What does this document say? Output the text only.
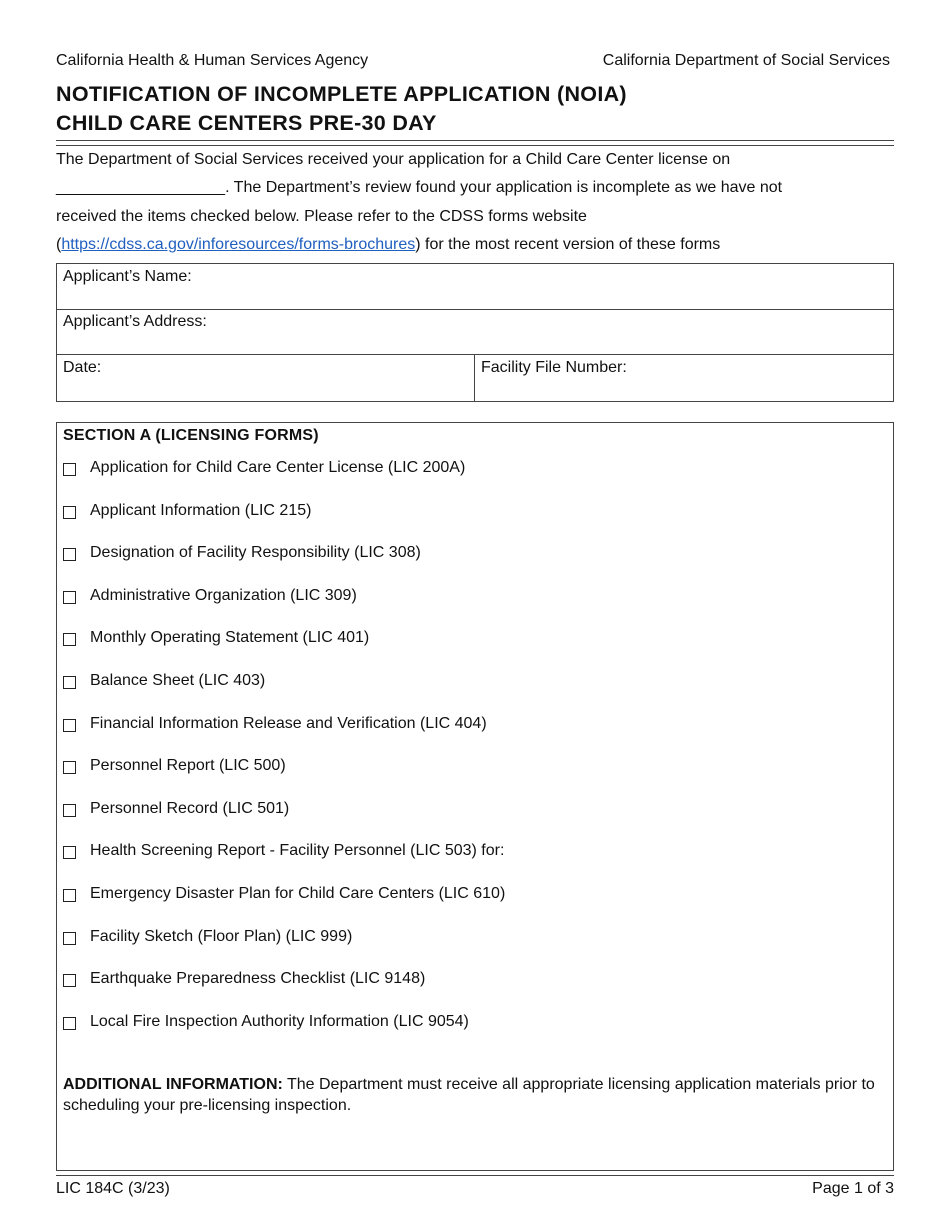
California Health & Human Services Agency	California Department of Social Services
NOTIFICATION OF INCOMPLETE APPLICATION (NOIA)
CHILD CARE CENTERS PRE-30 DAY
The Department of Social Services received your application for a Child Care Center license on
___________________. The Department’s review found your application is incomplete as we have not
received the items checked below. Please refer to the CDSS forms website
(https://cdss.ca.gov/inforesources/forms-brochures) for the most recent version of these forms
Applicant’s Name:
Applicant’s Address:
Date:	Facility File Number:
SECTION A (LICENSING FORMS)
Application for Child Care Center License (LIC 200A)
Applicant Information (LIC 215)
Designation of Facility Responsibility (LIC 308)
Administrative Organization (LIC 309)
Monthly Operating Statement (LIC 401)
Balance Sheet (LIC 403)
Financial Information Release and Verification (LIC 404)
Personnel Report (LIC 500)
Personnel Record (LIC 501)
Health Screening Report - Facility Personnel (LIC 503) for:
Emergency Disaster Plan for Child Care Centers (LIC 610)
Facility Sketch (Floor Plan) (LIC 999)
Earthquake Preparedness Checklist (LIC 9148)
Local Fire Inspection Authority Information (LIC 9054)
ADDITIONAL INFORMATION: The Department must receive all appropriate licensing application materials prior to scheduling your pre-licensing inspection.
LIC 184C (3/23)	Page 1 of 3
